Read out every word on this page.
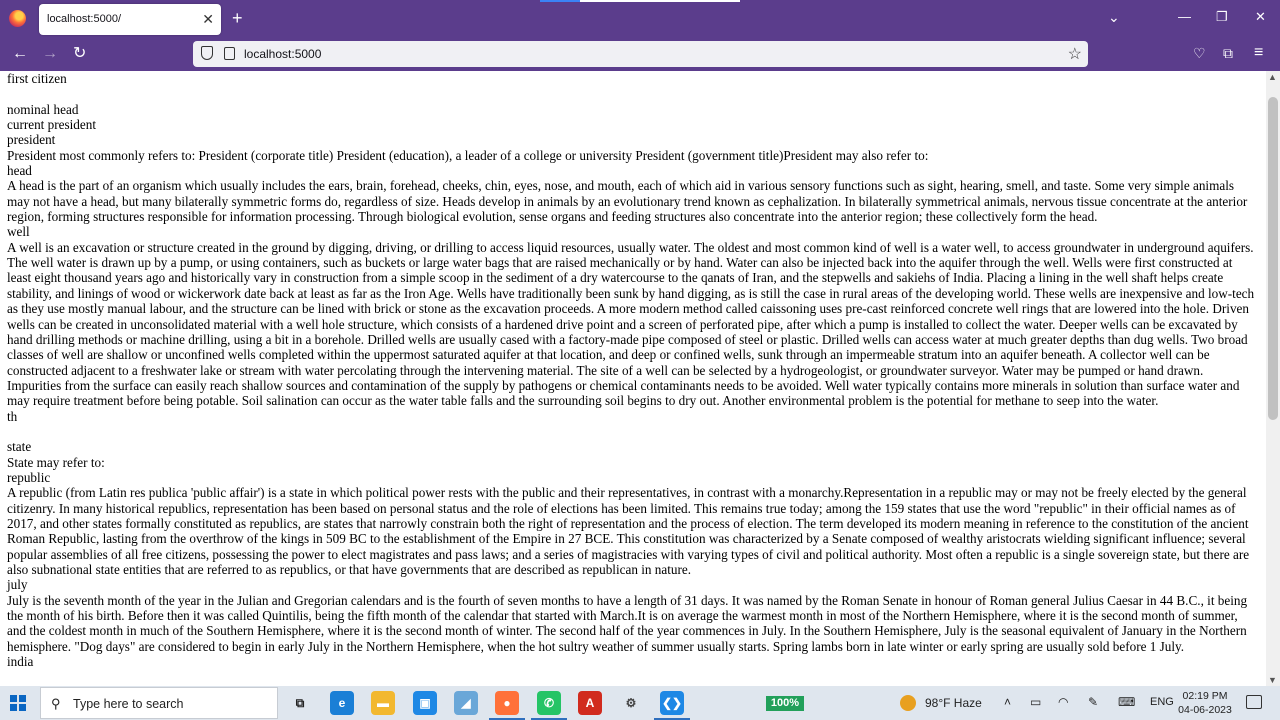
localhost:5000/	✕ +	⌄	— ❐ ✕
← → ↻	localhost:5000	☆	♡ ⧉ ≡
first citizen
nominal head
current president
president
President most commonly refers to: President (corporate title) President (education), a leader of a college or university President (government title)President may also refer to:
head
A head is the part of an organism which usually includes the ears, brain, forehead, cheeks, chin, eyes, nose, and mouth, each of which aid in various sensory functions such as sight, hearing, smell, and taste. Some very simple animals may not have a head, but many bilaterally symmetric forms do, regardless of size. Heads develop in animals by an evolutionary trend known as cephalization. In bilaterally symmetrical animals, nervous tissue concentrate at the anterior region, forming structures responsible for information processing. Through biological evolution, sense organs and feeding structures also concentrate into the anterior region; these collectively form the head.
well
A well is an excavation or structure created in the ground by digging, driving, or drilling to access liquid resources, usually water. The oldest and most common kind of well is a water well, to access groundwater in underground aquifers. The well water is drawn up by a pump, or using containers, such as buckets or large water bags that are raised mechanically or by hand. Water can also be injected back into the aquifer through the well. Wells were first constructed at least eight thousand years ago and historically vary in construction from a simple scoop in the sediment of a dry watercourse to the qanats of Iran, and the stepwells and sakiehs of India. Placing a lining in the well shaft helps create stability, and linings of wood or wickerwork date back at least as far as the Iron Age. Wells have traditionally been sunk by hand digging, as is still the case in rural areas of the developing world. These wells are inexpensive and low-tech as they use mostly manual labour, and the structure can be lined with brick or stone as the excavation proceeds. A more modern method called caissoning uses pre-cast reinforced concrete well rings that are lowered into the hole. Driven wells can be created in unconsolidated material with a well hole structure, which consists of a hardened drive point and a screen of perforated pipe, after which a pump is installed to collect the water. Deeper wells can be excavated by hand drilling methods or machine drilling, using a bit in a borehole. Drilled wells are usually cased with a factory-made pipe composed of steel or plastic. Drilled wells can access water at much greater depths than dug wells. Two broad classes of well are shallow or unconfined wells completed within the uppermost saturated aquifer at that location, and deep or confined wells, sunk through an impermeable stratum into an aquifer beneath. A collector well can be constructed adjacent to a freshwater lake or stream with water percolating through the intervening material. The site of a well can be selected by a hydrogeologist, or groundwater surveyor. Water may be pumped or hand drawn. Impurities from the surface can easily reach shallow sources and contamination of the supply by pathogens or chemical contaminants needs to be avoided. Well water typically contains more minerals in solution than surface water and may require treatment before being potable. Soil salination can occur as the water table falls and the surrounding soil begins to dry out. Another environmental problem is the potential for methane to seep into the water.
th
state
State may refer to:
republic
A republic (from Latin res publica 'public affair') is a state in which political power rests with the public and their representatives, in contrast with a monarchy.Representation in a republic may or may not be freely elected by the general citizenry. In many historical republics, representation has been based on personal status and the role of elections has been limited. This remains true today; among the 159 states that use the word "republic" in their official names as of 2017, and other states formally constituted as republics, are states that narrowly constrain both the right of representation and the process of election. The term developed its modern meaning in reference to the constitution of the ancient Roman Republic, lasting from the overthrow of the kings in 509 BC to the establishment of the Empire in 27 BCE. This constitution was characterized by a Senate composed of wealthy aristocrats wielding significant influence; several popular assemblies of all free citizens, possessing the power to elect magistrates and pass laws; and a series of magistracies with varying types of civil and political authority. Most often a republic is a single sovereign state, but there are also subnational state entities that are referred to as republics, or that have governments that are described as republican in nature.
july
July is the seventh month of the year in the Julian and Gregorian calendars and is the fourth of seven months to have a length of 31 days. It was named by the Roman Senate in honour of Roman general Julius Caesar in 44 B.C., it being the month of his birth. Before then it was called Quintilis, being the fifth month of the calendar that started with March.It is on average the warmest month in most of the Northern Hemisphere, where it is the second month of summer, and the coldest month in much of the Southern Hemisphere, where it is the second month of winter. The second half of the year commences in July. In the Southern Hemisphere, July is the seasonal equivalent of January in the Northern hemisphere. "Dog days" are considered to begin in early July in the Northern Hemisphere, when the hot sultry weather of summer usually starts. Spring lambs born in late winter or early spring are usually sold before 1 July.
india
▲
▼
⚲ Type here to search	⧉	e	▬	▣	◢	●	✆	A	⚙	❮❯	100%	98°F Haze ˄ ▭ ◠ ✎ ⌨ ENG 02:19 PM
04-06-2023
